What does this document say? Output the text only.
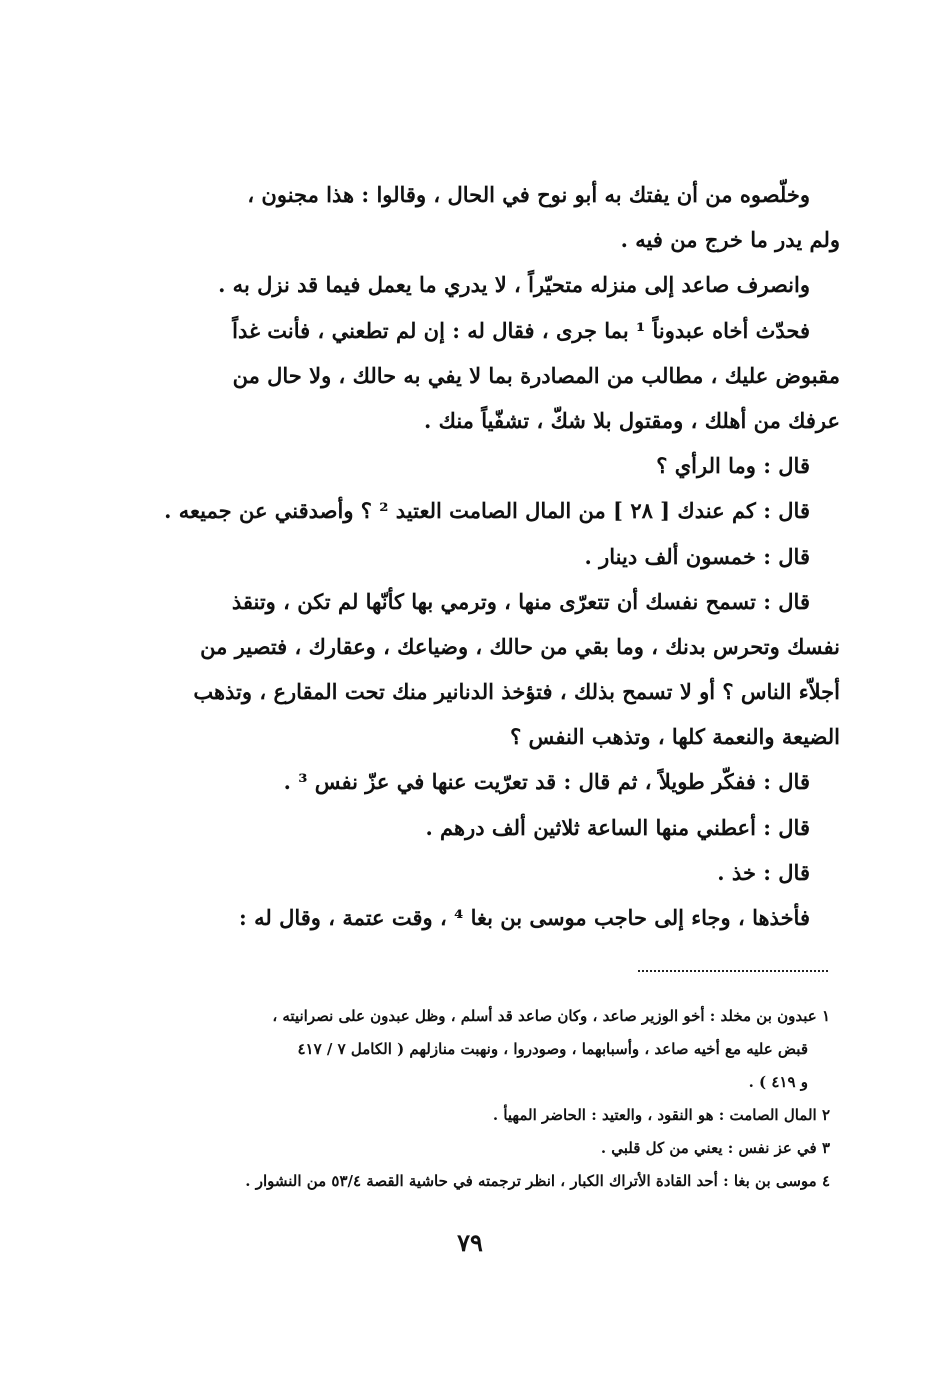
وخلّصوه من أن يفتك به أبو نوح في الحال ، وقالوا : هذا مجنون ،
ولم يدر ما خرج من فيه .
وانصرف صاعد إلى منزله متحيّراً ، لا يدري ما يعمل فيما قد نزل به .
فحدّث أخاه عبدوناً ¹ بما جرى ، فقال له : إن لم تطعني ، فأنت غداً
مقبوض عليك ، مطالب من المصادرة بما لا يفي به حالك ، ولا حال من
عرفك من أهلك ، ومقتول بلا شكّ ، تشفّياً منك .
قال : وما الرأي ؟
قال : كم عندك [ ٢٨ ] من المال الصامت العتيد ² ؟ وأصدقني عن جميعه .
قال : خمسون ألف دينار .
قال : تسمح نفسك أن تتعرّى منها ، وترمي بها كأنّها لم تكن ، وتنقذ
نفسك وتحرس بدنك ، وما بقي من حالك ، وضياعك ، وعقارك ، فتصير من
أجلاّء الناس ؟ أو لا تسمح بذلك ، فتؤخذ الدنانير منك تحت المقارع ، وتذهب
الضيعة والنعمة كلها ، وتذهب النفس ؟
قال : ففكّر طويلاً ، ثم قال : قد تعرّيت عنها في عزّ نفس ³ .
قال : أعطني منها الساعة ثلاثين ألف درهم .
قال : خذ .
فأخذها ، وجاء إلى حاجب موسى بن بغا ⁴ ، وقت عتمة ، وقال له :
١ عبدون بن مخلد : أخو الوزير صاعد ، وكان صاعد قد أسلم ، وظل عبدون على نصرانيته ،
قبض عليه مع أخيه صاعد ، وأسبابهما ، وصودروا ، ونهبت منازلهم ( الكامل ٧ / ٤١٧
و ٤١٩ ) .
٢ المال الصامت : هو النقود ، والعتيد : الحاضر المهيأ .
٣ في عز نفس : يعني من كل قلبي .
٤ موسى بن بغا : أحد القادة الأتراك الكبار ، انظر ترجمته في حاشية القصة ٥٣/٤ من النشوار .
٧٩
